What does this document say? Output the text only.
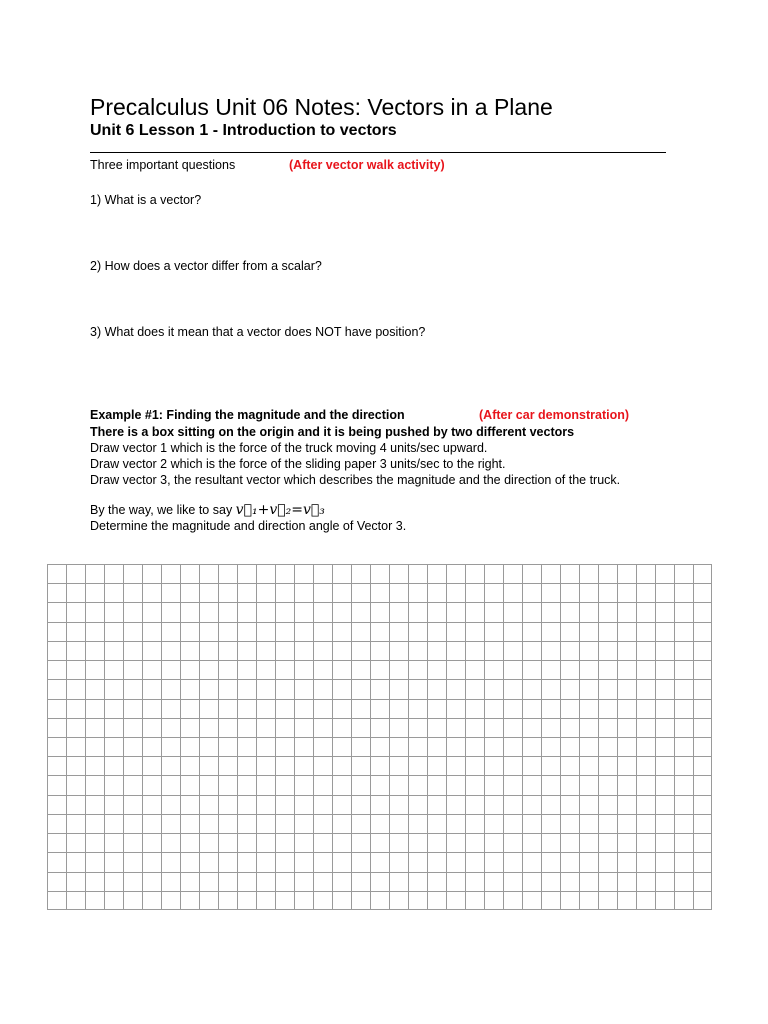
Precalculus Unit 06 Notes: Vectors in a Plane
Unit 6 Lesson 1 - Introduction to vectors
Three important questions	(After vector walk activity)
1) What is a vector?
2) How does a vector differ from a scalar?
3) What does it mean that a vector does NOT have position?
Example #1: Finding the magnitude and the direction	(After car demonstration)
There is a box sitting on the origin and it is being pushed by two different vectors
Draw vector 1 which is the force of the truck moving 4 units/sec upward.
Draw vector 2 which is the force of the sliding paper 3 units/sec to the right.
Draw vector 3, the resultant vector which describes the magnitude and the direction of the truck.
By the way, we like to say v⃗₁+v⃗₂=v⃗₃
Determine the magnitude and direction angle of Vector 3.
